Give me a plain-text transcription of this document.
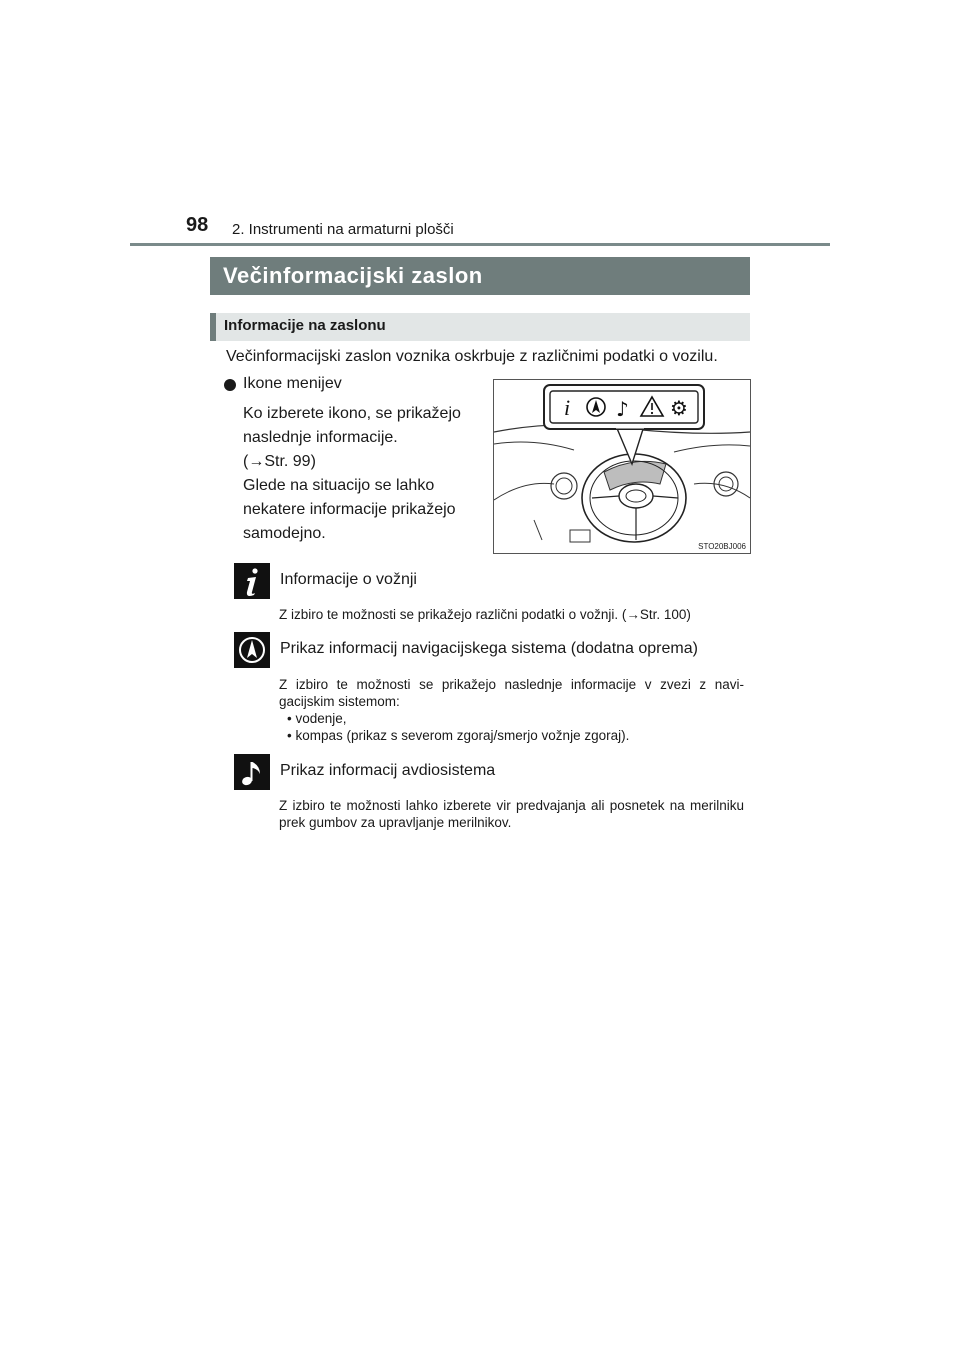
98 2. Instrumenti na armaturni plošči
Večinformacijski zaslon
Informacije na zaslonu
Večinformacijski zaslon voznika oskrbuje z različnimi podatki o vozilu.
Ikone menijev
Ko izberete ikono, se prikažejo
naslednje informacije.
(→Str. 99)
Glede na situacijo se lahko
nekatere informacije prikažejo
samodejno.
i ♪ ⚙
STO20BJ006
Informacije o vožnji
Z izbiro te možnosti se prikažejo različni podatki o vožnji. (→Str. 100)
Prikaz informacij navigacijskega sistema (dodatna oprema)
Z izbiro te možnosti se prikažejo naslednje informacije v zvezi z navi-gacijskim sistemom:
• vodenje,
• kompas (prikaz s severom zgoraj/smerjo vožnje zgoraj).
Prikaz informacij avdiosistema
Z izbiro te možnosti lahko izberete vir predvajanja ali posnetek na merilniku prek gumbov za upravljanje merilnikov.
